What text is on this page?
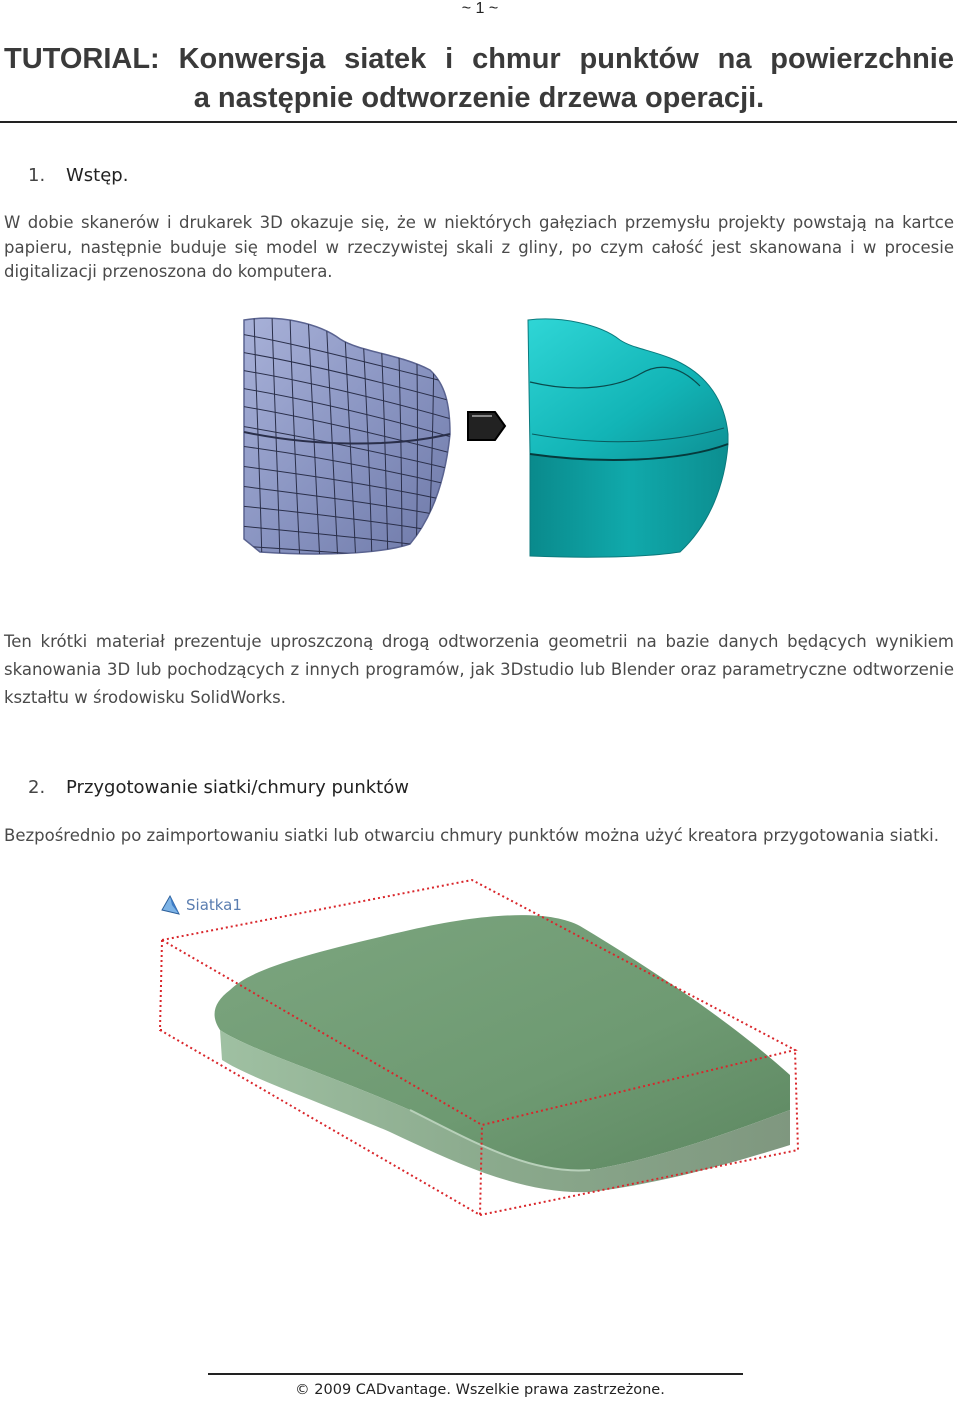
~ 1 ~
TUTORIAL: Konwersja siatek i chmur punktów na powierzchnie
a następnie odtworzenie drzewa operacji.
1. Wstęp.
W dobie skanerów i drukarek 3D okazuje się, że w niektórych gałęziach przemysłu projekty powstają na kartce papieru, następnie buduje się model w rzeczywistej skali z gliny, po czym całość jest skanowana i w procesie digitalizacji przenoszona do komputera.
Ten krótki materiał prezentuje uproszczoną drogą odtworzenia geometrii na bazie danych będących wynikiem skanowania 3D lub pochodzących z innych programów, jak 3Dstudio lub Blender oraz parametryczne odtworzenie kształtu w środowisku SolidWorks.
2. Przygotowanie siatki/chmury punktów
Bezpośrednio po zaimportowaniu siatki lub otwarciu chmury punktów można użyć kreatora przygotowania siatki.
Siatka1
© 2009 CADvantage. Wszelkie prawa zastrzeżone.
